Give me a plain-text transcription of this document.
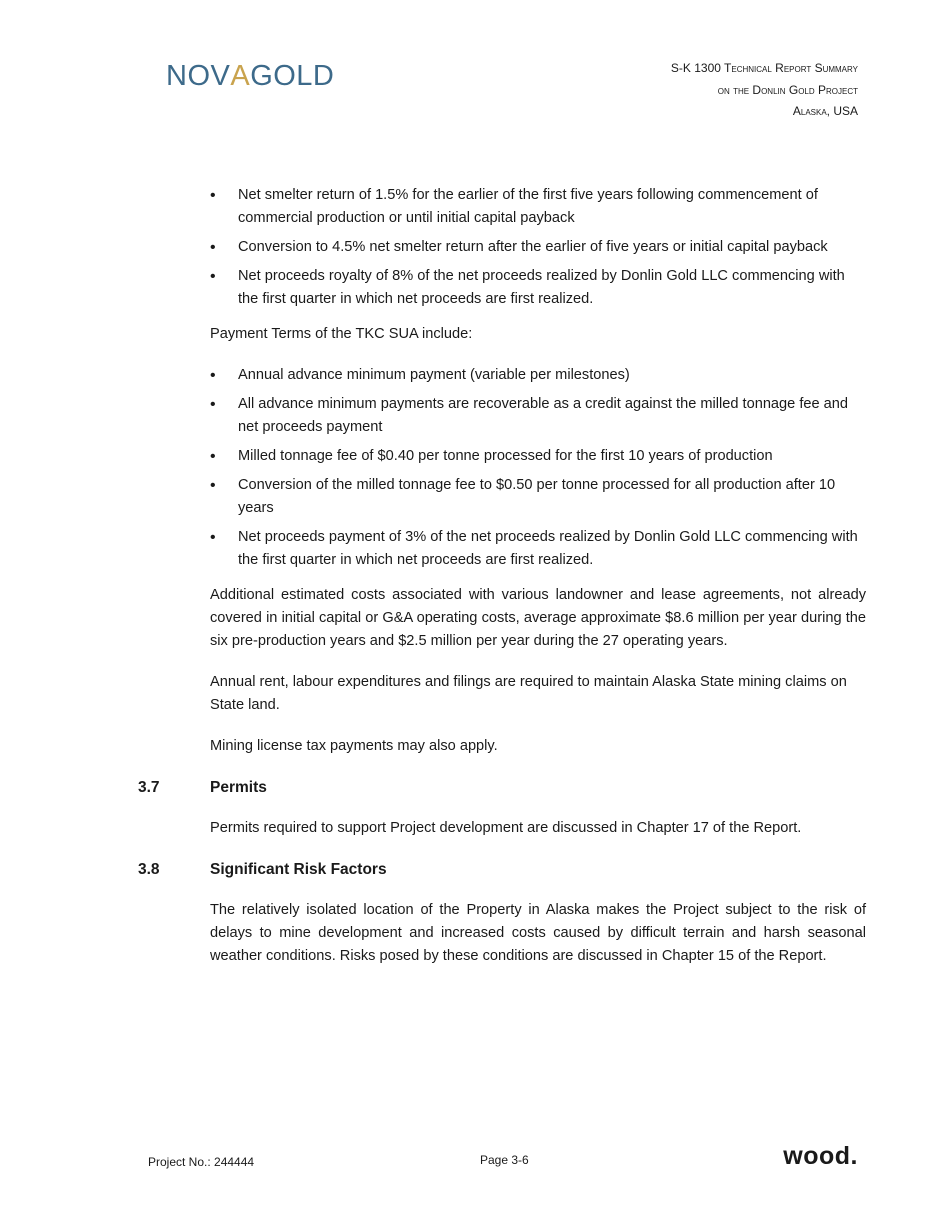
NOVAGOLD	S-K 1300 Technical Report Summary
on the Donlin Gold Project
Alaska, USA
• Net smelter return of 1.5% for the earlier of the first five years following commencement of commercial production or until initial capital payback
• Conversion to 4.5% net smelter return after the earlier of five years or initial capital payback
• Net proceeds royalty of 8% of the net proceeds realized by Donlin Gold LLC commencing with the first quarter in which net proceeds are first realized.

Payment Terms of the TKC SUA include:

• Annual advance minimum payment (variable per milestones)
• All advance minimum payments are recoverable as a credit against the milled tonnage fee and net proceeds payment
• Milled tonnage fee of $0.40 per tonne processed for the first 10 years of production
• Conversion of the milled tonnage fee to $0.50 per tonne processed for all production after 10 years
• Net proceeds payment of 3% of the net proceeds realized by Donlin Gold LLC commencing with the first quarter in which net proceeds are first realized.

Additional estimated costs associated with various landowner and lease agreements, not already covered in initial capital or G&A operating costs, average approximate $8.6 million per year during the six pre-production years and $2.5 million per year during the 27 operating years.

Annual rent, labour expenditures and filings are required to maintain Alaska State mining claims on State land.

Mining license tax payments may also apply.

3.7	Permits

Permits required to support Project development are discussed in Chapter 17 of the Report.

3.8	Significant Risk Factors

The relatively isolated location of the Property in Alaska makes the Project subject to the risk of delays to mine development and increased costs caused by difficult terrain and harsh seasonal weather conditions. Risks posed by these conditions are discussed in Chapter 15 of the Report.

Project No.: 244444	Page 3-6	wood.
